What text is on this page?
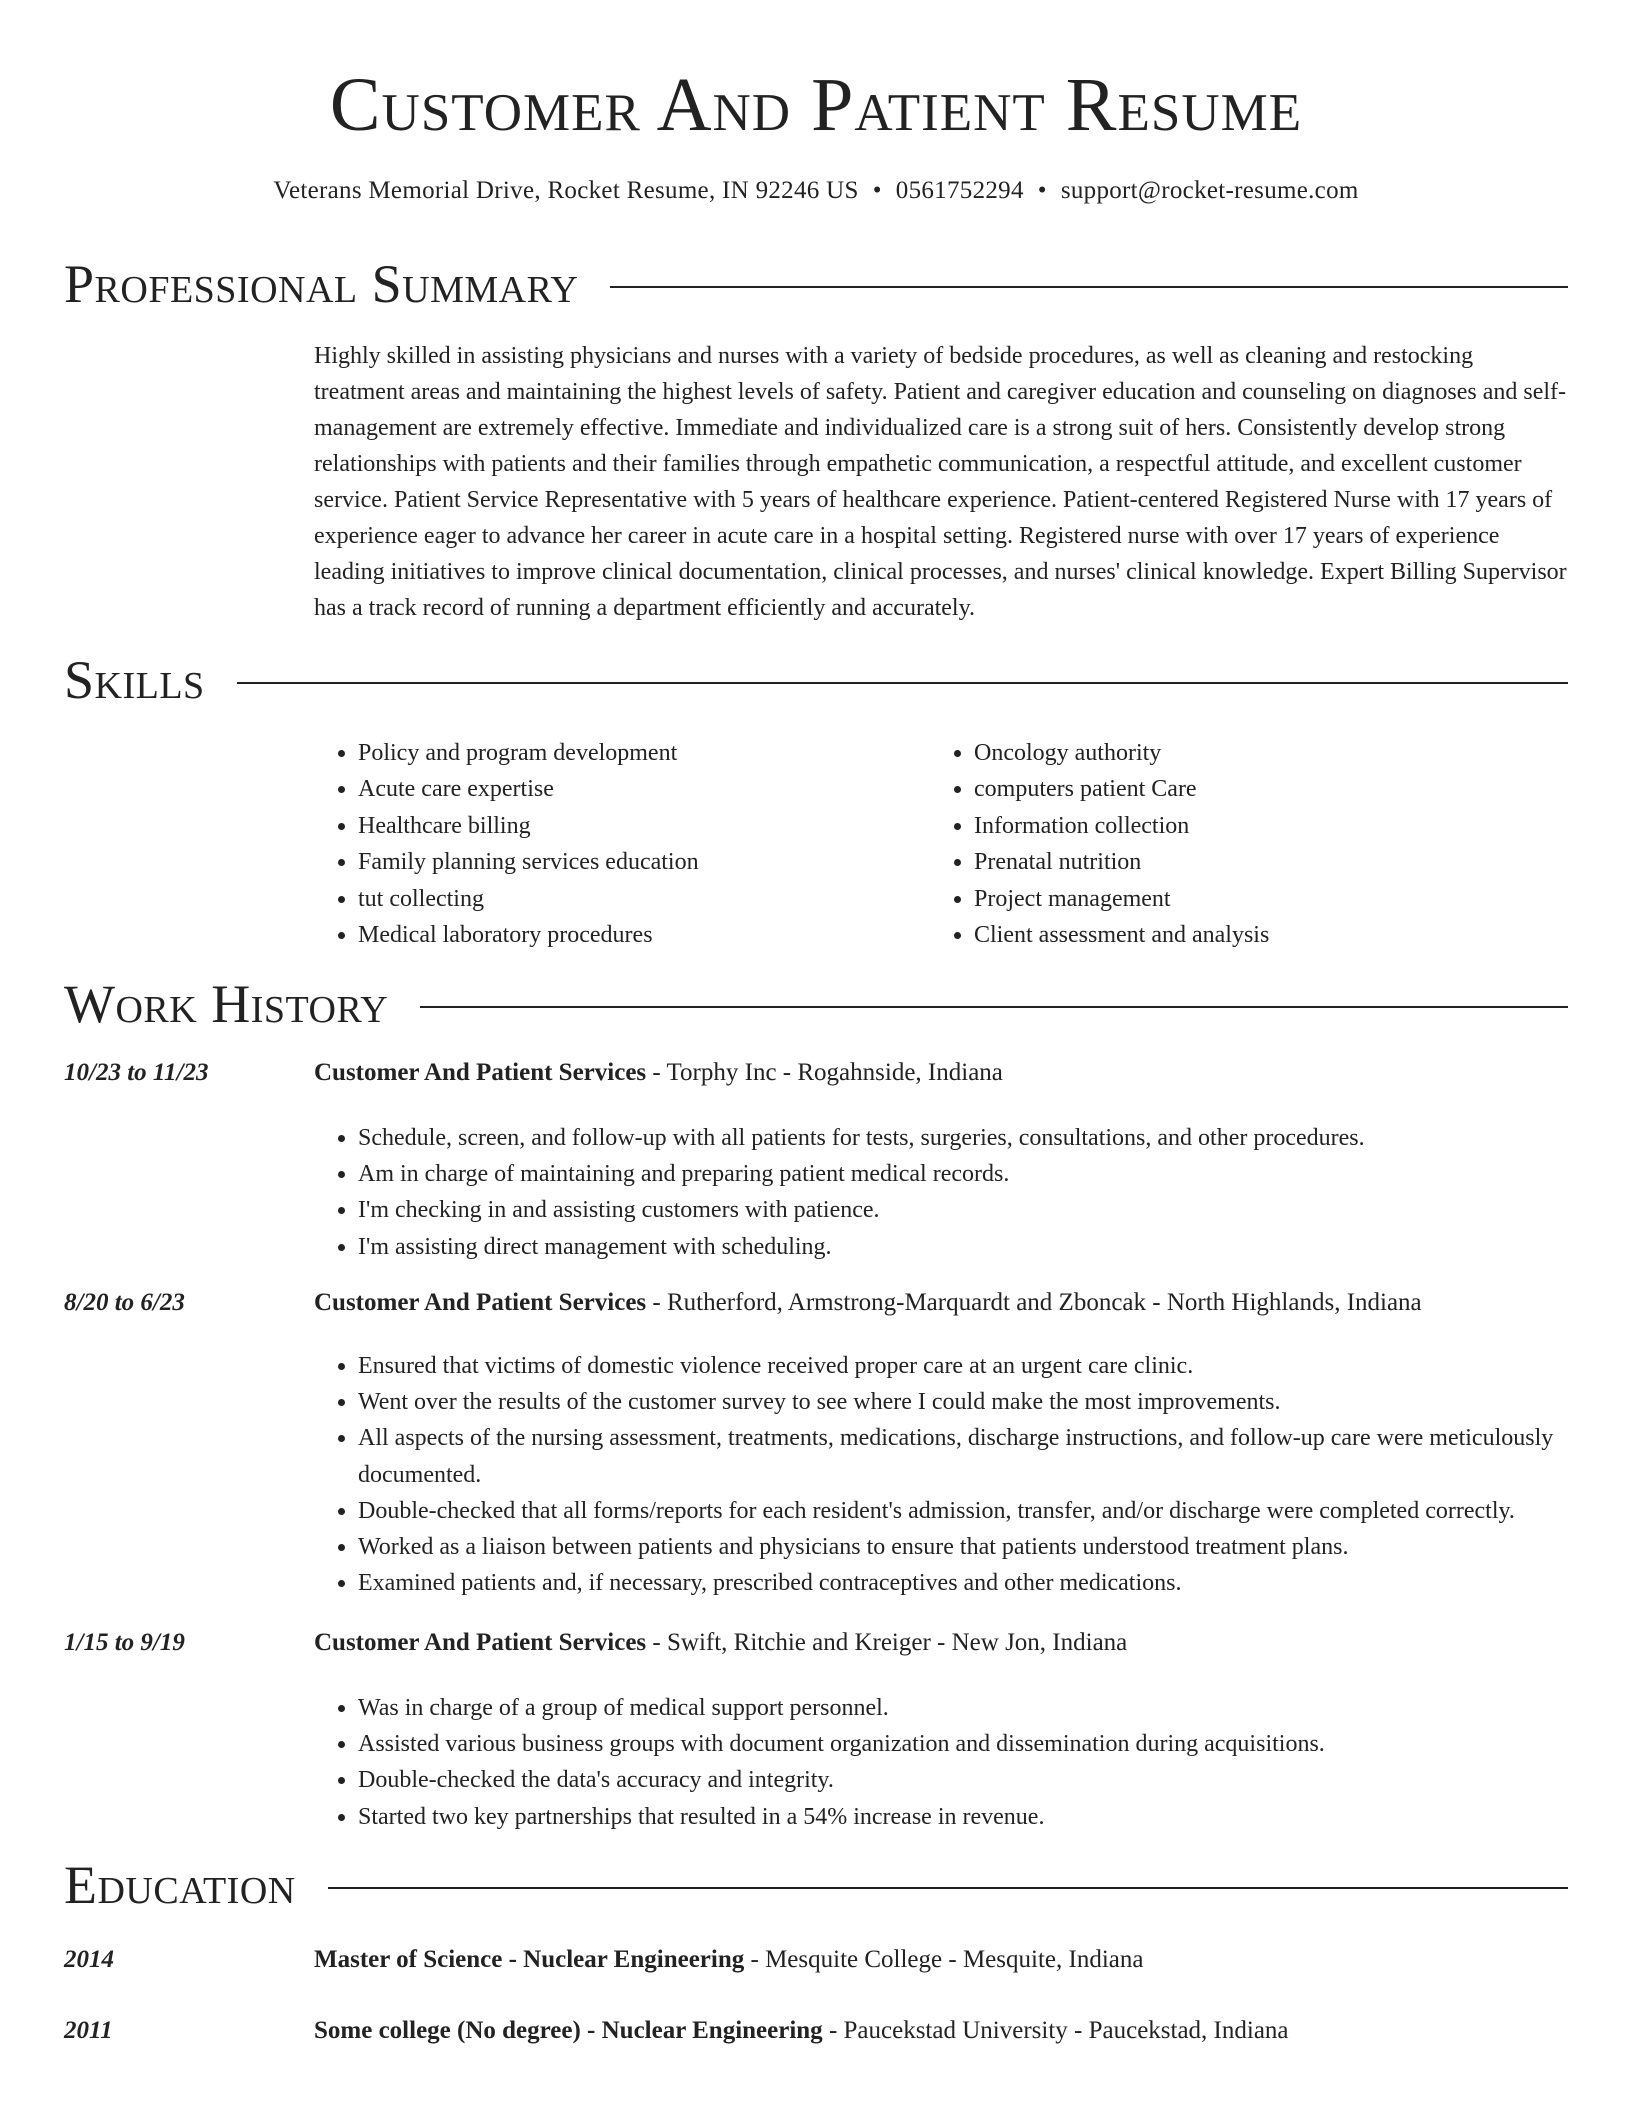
Customer And Patient Resume
Veterans Memorial Drive, Rocket Resume, IN 92246 US • 0561752294 • support@rocket-resume.com
Professional Summary
Highly skilled in assisting physicians and nurses with a variety of bedside procedures, as well as cleaning and restocking treatment areas and maintaining the highest levels of safety. Patient and caregiver education and counseling on diagnoses and self-management are extremely effective. Immediate and individualized care is a strong suit of hers. Consistently develop strong relationships with patients and their families through empathetic communication, a respectful attitude, and excellent customer service. Patient Service Representative with 5 years of healthcare experience. Patient-centered Registered Nurse with 17 years of experience eager to advance her career in acute care in a hospital setting. Registered nurse with over 17 years of experience leading initiatives to improve clinical documentation, clinical processes, and nurses' clinical knowledge. Expert Billing Supervisor has a track record of running a department efficiently and accurately.
Skills
• Policy and program development
• Acute care expertise
• Healthcare billing
• Family planning services education
• tut collecting
• Medical laboratory procedures
• Oncology authority
• computers patient Care
• Information collection
• Prenatal nutrition
• Project management
• Client assessment and analysis
Work History
10/23 to 11/23	Customer And Patient Services - Torphy Inc - Rogahnside, Indiana
• Schedule, screen, and follow-up with all patients for tests, surgeries, consultations, and other procedures.
• Am in charge of maintaining and preparing patient medical records.
• I'm checking in and assisting customers with patience.
• I'm assisting direct management with scheduling.
8/20 to 6/23	Customer And Patient Services - Rutherford, Armstrong-Marquardt and Zboncak - North Highlands, Indiana
• Ensured that victims of domestic violence received proper care at an urgent care clinic.
• Went over the results of the customer survey to see where I could make the most improvements.
• All aspects of the nursing assessment, treatments, medications, discharge instructions, and follow-up care were meticulously documented.
• Double-checked that all forms/reports for each resident's admission, transfer, and/or discharge were completed correctly.
• Worked as a liaison between patients and physicians to ensure that patients understood treatment plans.
• Examined patients and, if necessary, prescribed contraceptives and other medications.
1/15 to 9/19	Customer And Patient Services - Swift, Ritchie and Kreiger - New Jon, Indiana
• Was in charge of a group of medical support personnel.
• Assisted various business groups with document organization and dissemination during acquisitions.
• Double-checked the data's accuracy and integrity.
• Started two key partnerships that resulted in a 54% increase in revenue.
Education
2014	Master of Science - Nuclear Engineering - Mesquite College - Mesquite, Indiana
2011	Some college (No degree) - Nuclear Engineering - Paucekstad University - Paucekstad, Indiana
